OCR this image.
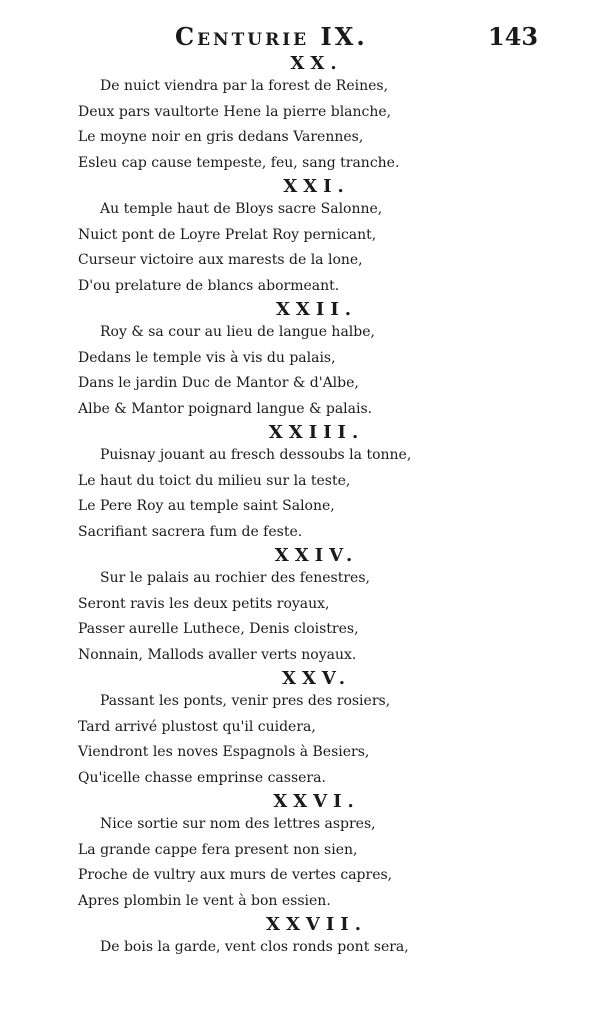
Centurie IX.	143
XX.
De nuict viendra par la forest de Reines,
Deux pars vaultorte Hene la pierre blanche,
Le moyne noir en gris dedans Varennes,
Esleu cap cause tempeste, feu, sang tranche.
XXI.
Au temple haut de Bloys sacre Salonne,
Nuict pont de Loyre Prelat Roy pernicant,
Curseur victoire aux marests de la lone,
D'ou prelature de blancs abormeant.
XXII.
Roy & sa cour au lieu de langue halbe,
Dedans le temple vis à vis du palais,
Dans le jardin Duc de Mantor & d'Albe,
Albe & Mantor poignard langue & palais.
XXIII.
Puisnay jouant au fresch dessoubs la tonne,
Le haut du toict du milieu sur la teste,
Le Pere Roy au temple saint Salone,
Sacrifiant sacrera fum de feste.
XXIV.
Sur le palais au rochier des fenestres,
Seront ravis les deux petits royaux,
Passer aurelle Luthece, Denis cloistres,
Nonnain, Mallods avaller verts noyaux.
XXV.
Passant les ponts, venir pres des rosiers,
Tard arrivé plustost qu'il cuidera,
Viendront les noves Espagnols à Besiers,
Qu'icelle chasse emprinse cassera.
XXVI.
Nice sortie sur nom des lettres aspres,
La grande cappe fera present non sien,
Proche de vultry aux murs de vertes capres,
Apres plombin le vent à bon essien.
XXVII.
De bois la garde, vent clos ronds pont sera,
